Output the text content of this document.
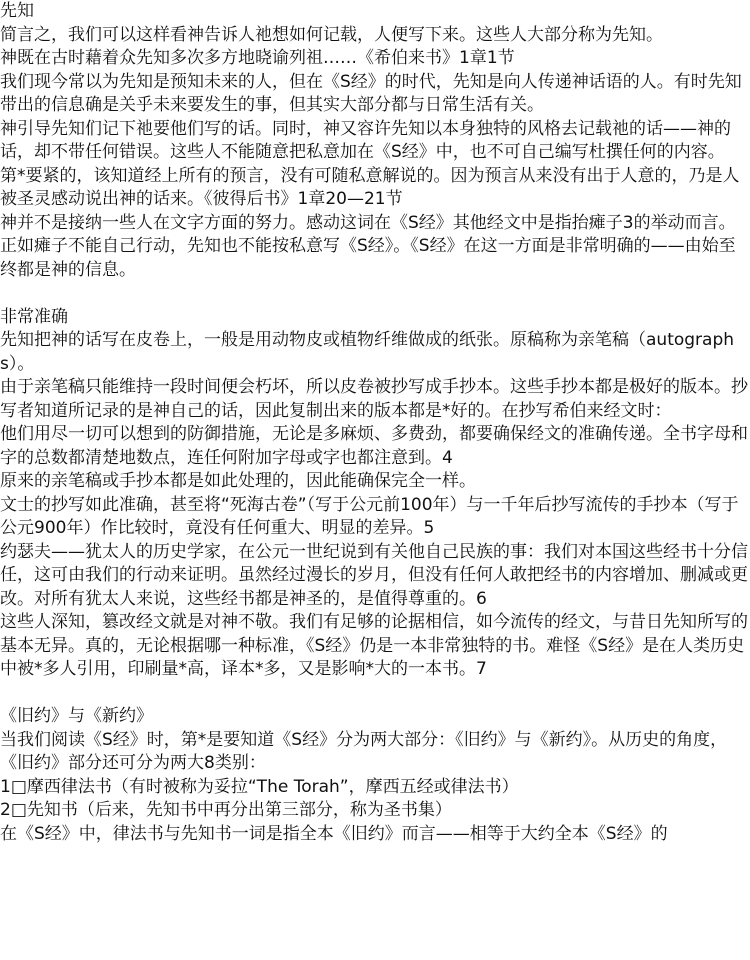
先知

简言之，我们可以这样看神告诉人祂想如何记载，人便写下来。这些人大部分称为先知。

神既在古时藉着众先知多次多方地晓谕列祖……《希伯来书》1章1节

我们现今常以为先知是预知未来的人，但在《S经》的时代，先知是向人传递神话语的人。有时先知带出的信息确是关乎未来要发生的事，但其实大部分都与日常生活有关。

神引导先知们记下祂要他们写的话。同时，神又容许先知以本身独特的风格去记载祂的话——神的话，却不带任何错误。这些人不能随意把私意加在《S经》中，也不可自己编写杜撰任何的内容。

第*要紧的，该知道经上所有的预言，没有可随私意解说的。因为预言从来没有出于人意的，乃是人被圣灵感动说出神的话来。《彼得后书》1章20—21节

神并不是接纳一些人在文字方面的努力。感动这词在《S经》其他经文中是指抬瘫子3的举动而言。正如瘫子不能自己行动，先知也不能按私意写《S经》。《S经》在这一方面是非常明确的——由始至终都是神的信息。

非常准确

先知把神的话写在皮卷上，一般是用动物皮或植物纤维做成的纸张。原稿称为亲笔稿（autographs）。

由于亲笔稿只能维持一段时间便会朽坏，所以皮卷被抄写成手抄本。这些手抄本都是极好的版本。抄写者知道所记录的是神自己的话，因此复制出来的版本都是*好的。在抄写希伯来经文时：

他们用尽一切可以想到的防御措施，无论是多麻烦、多费劲，都要确保经文的准确传递。全书字母和字的总数都清楚地数点，连任何附加字母或字也都注意到。4

原来的亲笔稿或手抄本都是如此处理的，因此能确保完全一样。

文士的抄写如此准确，甚至将“死海古卷”（写于公元前100年）与一千年后抄写流传的手抄本（写于公元900年）作比较时，竟没有任何重大、明显的差异。5

约瑟夫——犹太人的历史学家，在公元一世纪说到有关他自己民族的事：我们对本国这些经书十分信任，这可由我们的行动来证明。虽然经过漫长的岁月，但没有任何人敢把经书的内容增加、删减或更改。对所有犹太人来说，这些经书都是神圣的，是值得尊重的。6

这些人深知，篡改经文就是对神不敬。我们有足够的论据相信，如今流传的经文，与昔日先知所写的基本无异。真的，无论根据哪一种标准，《S经》仍是一本非常独特的书。难怪《S经》是在人类历史中被*多人引用，印刷量*高，译本*多，又是影响*大的一本书。7

《旧约》与《新约》

当我们阅读《S经》时，第*是要知道《S经》分为两大部分：《旧约》与《新约》。从历史的角度，《旧约》部分还可分为两大8类别：

1□摩西律法书（有时被称为妥拉“The Torah”，摩西五经或律法书）

2□先知书（后来，先知书中再分出第三部分，称为圣书集）

在《S经》中，律法书与先知书一词是指全本《旧约》而言——相等于大约全本《S经》的
